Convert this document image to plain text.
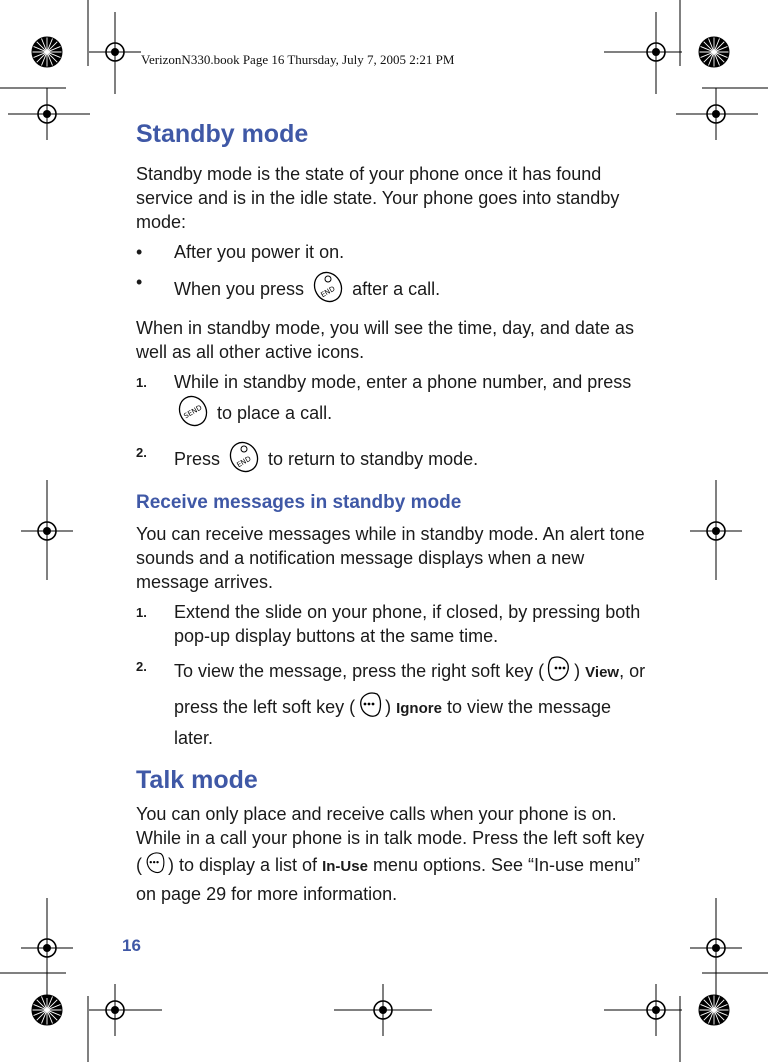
VerizonN330.book Page 16 Thursday, July 7, 2005 2:21 PM
Standby mode

Standby mode is the state of your phone once it has found service and is in the idle state. Your phone goes into standby mode:

• After you power it on.
• When you press END after a call.

When in standby mode, you will see the time, day, and date as well as all other active icons.

1. While in standby mode, enter a phone number, and press
SEND to place a call.
2. Press END to return to standby mode.
Receive messages in standby mode

You can receive messages while in standby mode. An alert tone sounds and a notification message displays when a new message arrives.

1. Extend the slide on your phone, if closed, by pressing both pop-up display buttons at the same time.
2. To view the message, press the right soft key ( ) View, or press the left soft key ( ) Ignore to view the message later.
Talk mode

You can only place and receive calls when your phone is on. While in a call your phone is in talk mode. Press the left soft key ( ) to display a list of In-Use menu options. See “In-use menu” on page 29 for more information.

16
